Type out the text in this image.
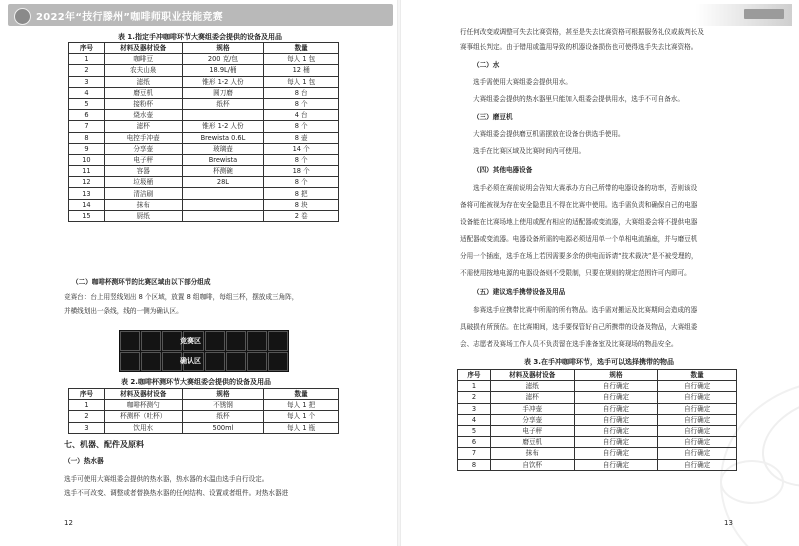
2022年“技行滕州”咖啡师职业技能竞赛
表 1.指定手冲咖啡环节大赛组委会提供的设备及用品
序号	材料及器材设备	规格	数量
1	咖啡豆	200 克/包	每人 1 包
2	农夫山泉	18.9L/桶	12 桶
3	滤纸	锥形 1-2 人份	每人 1 包
4	磨豆机	圆刀磨	8 台
5	接粉杯	纸杯	8 个
6	烧水壶		4 台
7	滤杯	锥形 1-2 人份	8 个
8	电控手冲壶	Brewista 0.6L	8 壶
9	分享壶	玻璃壶	14 个
10	电子秤	Brewista	8 个
11	容器	杯测碗	18 个
12	垃圾桶	28L	8 个
13	清洁刷		8 把
14	抹布		8 块
15	厨纸		2 卷
（二）咖啡杯测环节的比赛区域由以下部分组成
竞赛台：台上用竖线划出 8 个区域，放置 8 组咖啡，每组三杯，摆放成三角阵，
并横线划出一条线，线的一侧为确认区。
竞赛区
确认区
表 2.咖啡杯测环节大赛组委会提供的设备及用品
序号	材料及器材设备	规格	数量
1	咖啡杯测勺	不锈钢	每人 1 把
2	杯测杯（吐杯）	纸杯	每人 1 个
3	饮用水	500ml	每人 1 瓶
七、机器、配件及原料
（一）热水器
选手可使用大赛组委会提供的热水器，热水器的水温由选手自行设定。
选手不可改变、调整或者替换热水器的任何结构、设置或者组件。对热水器进
12
行任何改变或调整可失去比赛资格，甚至是失去比赛资格可根据服务礼仪或裁判长及
赛事组长判定。由于错用或滥用导致的机器设备损伤也可使得选手失去比赛资格。
（二）水
选手需使用大赛组委会提供用水。
大赛组委会提供的热水器里只能加入组委会提供用水，选手不可自备水。
（三）磨豆机
大赛组委会提供磨豆机需摆放在设备台供选手使用。
选手在比赛区域及比赛时间内可使用。
（四）其他电器设备
选手必须在赛前说明会告知大赛承办方自己所带的电器设备的功率，否则该设
备将可能被视为存在安全隐患且不得在比赛中使用。选手需负责和确保自己的电器
设备能在比赛场地上使用或配有相应的适配器或变流器，大赛组委会将不提供电器
适配器或变流器。电器设备所需的电源必须适用单一个单相电流插座，并与磨豆机
分用一个插座，选手在场上若因需要多余的供电而诉请“技术裁决”是不被受理的，
不需使用按地电源的电器设备则不受限制，只要在规则的规定范围许可内即可。
（五）建议选手携带设备及用品
参赛选手应携带比赛中所需的所有物品。选手需对搬运及比赛期间会造成的器
具破损有所预估。在比赛期间，选手要保管好自己所携带的设备及物品，大赛组委
会、志愿者及赛场工作人员不负责留在选手准备室及比赛现场的物品安全。
表 3.在手冲咖啡环节，选手可以选择携带的物品
序号	材料及器材设备	规格	数量
1	滤纸	自行确定	自行确定
2	滤杯	自行确定	自行确定
3	手冲壶	自行确定	自行确定
4	分享壶	自行确定	自行确定
5	电子秤	自行确定	自行确定
6	磨豆机	自行确定	自行确定
7	抹布	自行确定	自行确定
8	自饮杯	自行确定	自行确定
13
